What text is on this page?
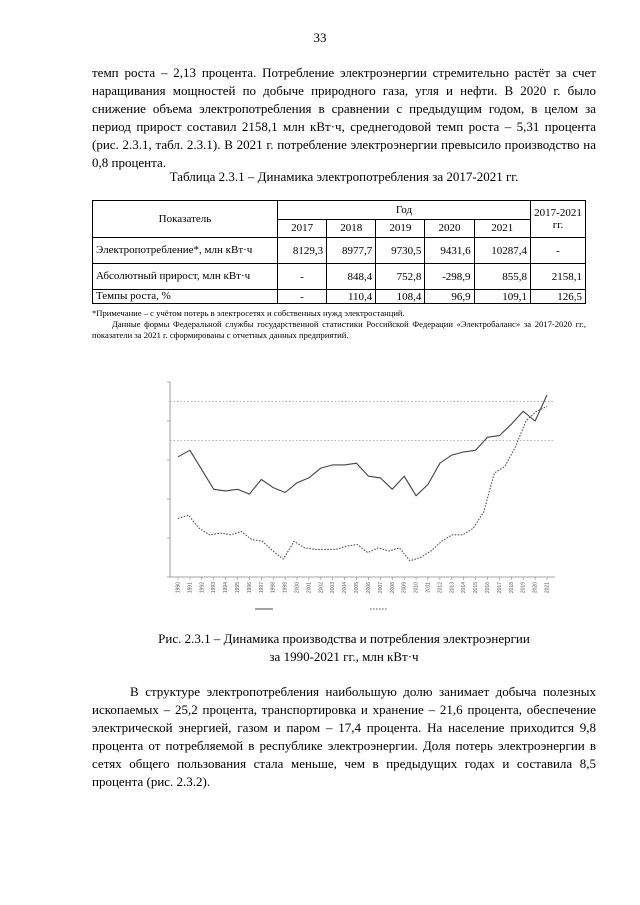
33

темп роста – 2,13 процента. Потребление электроэнергии стремительно растёт за счет наращивания мощностей по добыче природного газа, угля и нефти. В 2020 г. было снижение объема электропотребления в сравнении с предыдущим годом, в целом за период прирост составил 2158,1 млн кВт·ч, среднегодовой темп роста – 5,31 процента (рис. 2.3.1, табл. 2.3.1). В 2021 г. потребление электроэнергии превысило производство на 0,8 процента.

Таблица 2.3.1 – Динамика электропотребления за 2017-2021 гг.

Показатель	Год					2017-2021 гг.
	2017	2018	2019	2020	2021	
Электропотребление*, млн кВт·ч	8129,3	8977,7	9730,5	9431,6	10287,4	-
Абсолютный прирост, млн кВт·ч	-	848,4	752,8	-298,9	855,8	2158,1
Темпы роста, %	-	110,4	108,4	96,9	109,1	126,5

*Примечание – с учётом потерь в электросетях и собственных нужд электростанций.

Данные формы Федеральной службы государственной статистики Российской Федерации «Электробаланс» за 2017-2020 гг., показатели за 2021 г. сформированы с отчетных данных предприятий.

1990 1991 1992 1993 1994 1995 1996 1997 1998 1999 2000 2001 2002 2003 2004 2005 2006 2007 2008 2009 2010 2011 2012 2013 2014 2015 2016 2017 2018 2019 2020 2021

Рис. 2.3.1 – Динамика производства и потребления электроэнергии
за 1990-2021 гг., млн кВт·ч

В структуре электропотребления наибольшую долю занимает добыча полезных ископаемых – 25,2 процента, транспортировка и хранение – 21,6 процента, обеспечение электрической энергией, газом и паром – 17,4 процента. На население приходится 9,8 процента от потребляемой в республике электроэнергии. Доля потерь электроэнергии в сетях общего пользования стала меньше, чем в предыдущих годах и составила 8,5 процента (рис. 2.3.2).
